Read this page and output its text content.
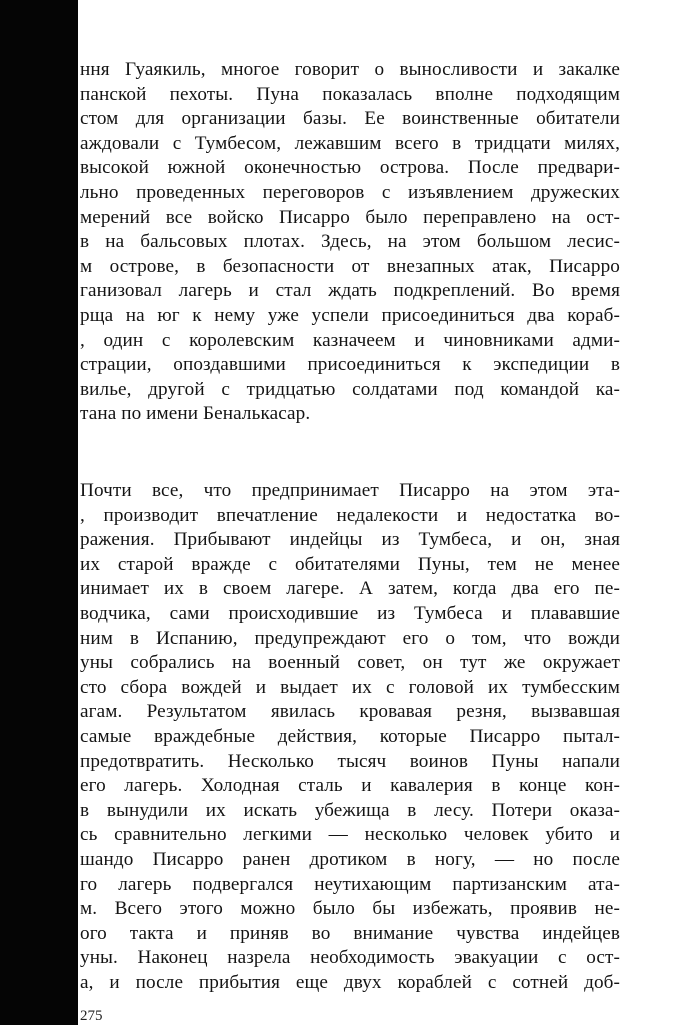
ння Гуаякиль, многое говорит о выносливости и закалке
панской пехоты. Пуна показалась вполне подходящим
стом для организации базы. Ее воинственные обитатели
аждовали с Тумбесом, лежавшим всего в тридцати милях,
высокой южной оконечностью острова. После предвари-
льно проведенных переговоров с изъявлением дружеских
мерений все войско Писарро было переправлено на ост-
в на бальсовых плотах. Здесь, на этом большом лесис-
м острове, в безопасности от внезапных атак, Писарро
ганизовал лагерь и стал ждать подкреплений. Во время
рща на юг к нему уже успели присоединиться два кораб-
, один с королевским казначеем и чиновниками адми-
страции, опоздавшими присоединиться к экспедиции в
вилье, другой с тридцатью солдатами под командой ка-
тана по имени Беналькасар.
Почти все, что предпринимает Писарро на этом эта-
, производит впечатление недалекости и недостатка во-
ражения. Прибывают индейцы из Тумбеса, и он, зная
их старой вражде с обитателями Пуны, тем не менее
инимает их в своем лагере. А затем, когда два его пе-
водчика, сами происходившие из Тумбеса и плававшие
ним в Испанию, предупреждают его о том, что вожди
уны собрались на военный совет, он тут же окружает
сто сбора вождей и выдает их с головой их тумбесским
агам. Результатом явилась кровавая резня, вызвавшая
самые враждебные действия, которые Писарро пытал-
предотвратить. Несколько тысяч воинов Пуны напали
его лагерь. Холодная сталь и кавалерия в конце кон-
в вынудили их искать убежища в лесу. Потери оказа-
сь сравнительно легкими — несколько человек убито и
шандо Писарро ранен дротиком в ногу, — но после
го лагерь подвергался неутихающим партизанским ата-
м. Всего этого можно было бы избежать, проявив не-
ого такта и приняв во внимание чувства индейцев
уны. Наконец назрела необходимость эвакуации с ост-
а, и после прибытия еще двух кораблей с сотней доб-
275
